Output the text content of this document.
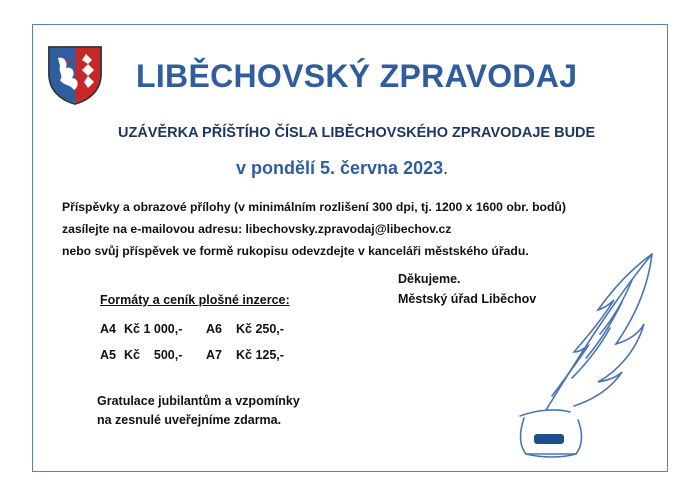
LIBĚCHOVSKÝ ZPRAVODAJ
UZÁVĚRKA PŘÍŠTÍHO ČÍSLA LIBĚCHOVSKÉHO ZPRAVODAJE BUDE
v pondělí 5. června 2023.
Příspěvky a obrazové přílohy (v minimálním rozlišení 300 dpi, tj. 1200 x 1600 obr. bodů)
zasílejte na e-mailovou adresu: libechovsky.zpravodaj@libechov.cz
nebo svůj příspěvek ve formě rukopisu odevzdejte v kanceláři městského úřadu.
Děkujeme.
Městský úřad Liběchov
Formáty a ceník plošné inzerce:
A4 Kč 1 000,- A6 Kč 250,-
A5 Kč    500,- A7 Kč 125,-
Gratulace jubilantům a vzpomínky
na zesnulé uveřejníme zdarma.
